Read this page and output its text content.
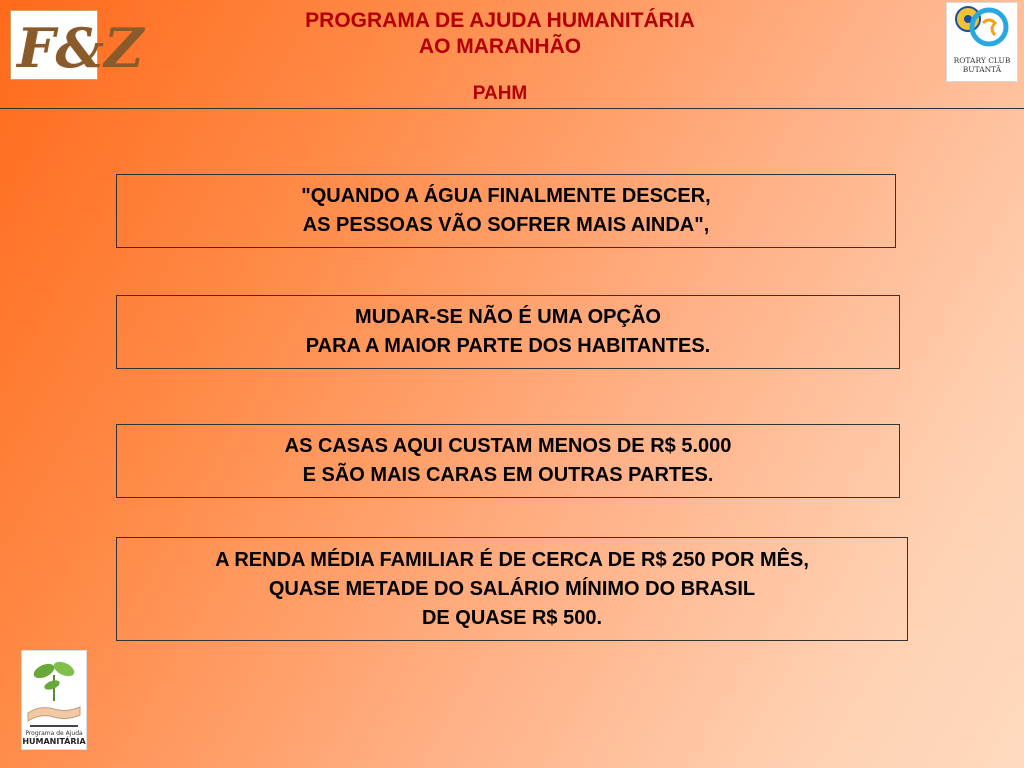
F&Z	PROGRAMA DE AJUDA HUMANITÁRIA
AO MARANHÃO
PAHM
ROTARY CLUB
BUTANTÃ
"QUANDO A ÁGUA FINALMENTE DESCER,
AS PESSOAS VÃO SOFRER MAIS AINDA",
MUDAR-SE NÃO É UMA OPÇÃO
PARA A MAIOR PARTE DOS HABITANTES.
AS CASAS AQUI CUSTAM MENOS DE R$ 5.000
E SÃO MAIS CARAS EM OUTRAS PARTES.
A RENDA MÉDIA FAMILIAR É DE CERCA DE R$ 250 POR MÊS,
QUASE METADE DO SALÁRIO MÍNIMO DO BRASIL
DE QUASE R$ 500.
Programa de Ajuda
HUMANITÁRIA
